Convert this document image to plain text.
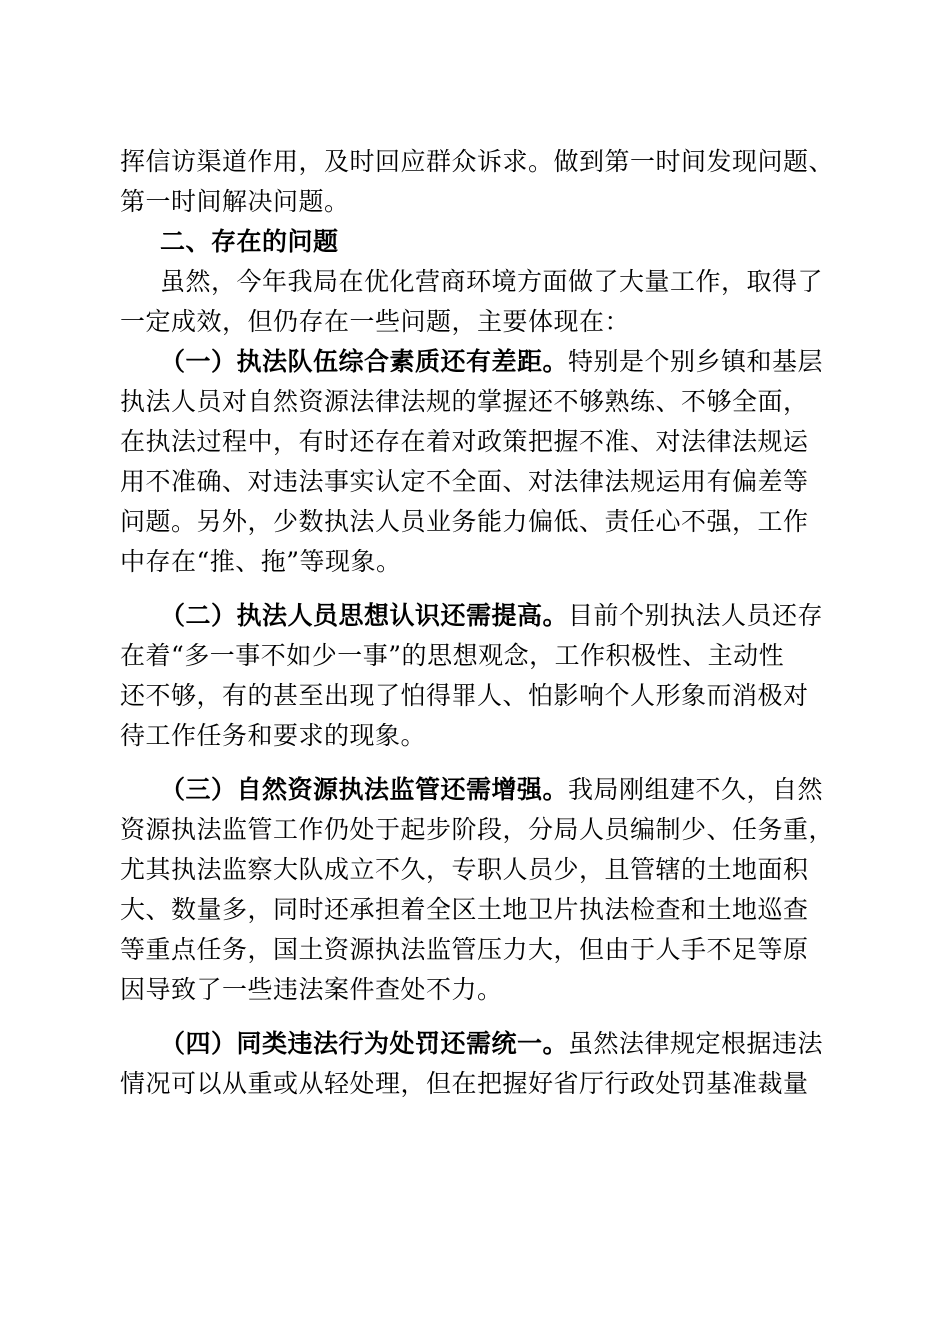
挥信访渠道作用，及时回应群众诉求。做到第一时间发现问题、
第一时间解决问题。
二、存在的问题
虽然，今年我局在优化营商环境方面做了大量工作，取得了
一定成效，但仍存在一些问题，主要体现在：
（一）执法队伍综合素质还有差距。特别是个别乡镇和基层
执法人员对自然资源法律法规的掌握还不够熟练、不够全面，
在执法过程中，有时还存在着对政策把握不准、对法律法规运
用不准确、对违法事实认定不全面、对法律法规运用有偏差等
问题。另外，少数执法人员业务能力偏低、责任心不强，工作
中存在“推、拖”等现象。
（二）执法人员思想认识还需提高。目前个别执法人员还存
在着“多一事不如少一事”的思想观念，工作积极性、主动性
还不够，有的甚至出现了怕得罪人、怕影响个人形象而消极对
待工作任务和要求的现象。
（三）自然资源执法监管还需增强。我局刚组建不久，自然
资源执法监管工作仍处于起步阶段，分局人员编制少、任务重，
尤其执法监察大队成立不久，专职人员少，且管辖的土地面积
大、数量多，同时还承担着全区土地卫片执法检查和土地巡查
等重点任务，国土资源执法监管压力大，但由于人手不足等原
因导致了一些违法案件查处不力。
（四）同类违法行为处罚还需统一。虽然法律规定根据违法
情况可以从重或从轻处理，但在把握好省厅行政处罚基准裁量
